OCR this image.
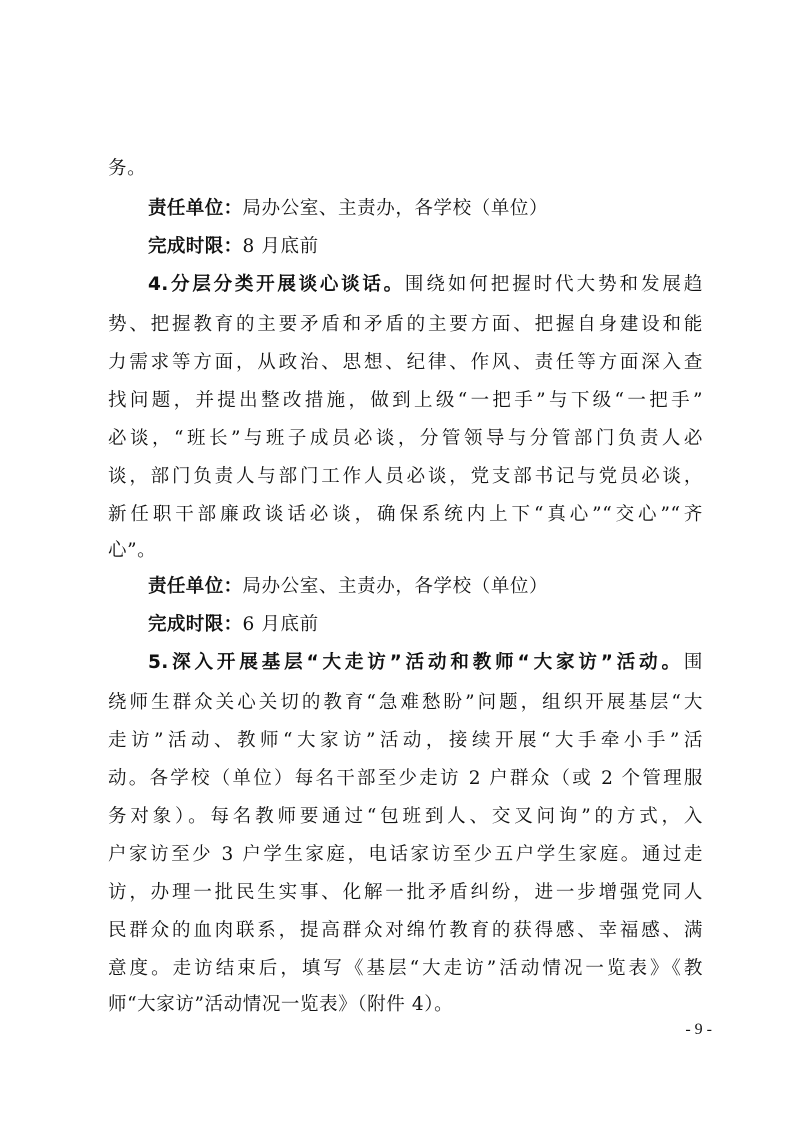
务。
责任单位：局办公室、主责办，各学校（单位）
完成时限：8 月底前
4.分层分类开展谈心谈话。围绕如何把握时代大势和发展趋
势、把握教育的主要矛盾和矛盾的主要方面、把握自身建设和能
力需求等方面，从政治、思想、纪律、作风、责任等方面深入查
找问题，并提出整改措施，做到上级“一把手”与下级“一把手”
必谈，“班长”与班子成员必谈，分管领导与分管部门负责人必
谈，部门负责人与部门工作人员必谈，党支部书记与党员必谈，
新任职干部廉政谈话必谈，确保系统内上下“真心”“交心”“齐
心”。
责任单位：局办公室、主责办，各学校（单位）
完成时限：6 月底前
5.深入开展基层“大走访”活动和教师“大家访”活动。围
绕师生群众关心关切的教育“急难愁盼”问题，组织开展基层“大
走访”活动、教师“大家访”活动，接续开展“大手牵小手”活
动。各学校（单位）每名干部至少走访 2 户群众（或 2 个管理服
务对象）。每名教师要通过“包班到人、交叉问询”的方式，入
户家访至少 3 户学生家庭，电话家访至少五户学生家庭。通过走
访，办理一批民生实事、化解一批矛盾纠纷，进一步增强党同人
民群众的血肉联系，提高群众对绵竹教育的获得感、幸福感、满
意度。走访结束后，填写《基层“大走访”活动情况一览表》《教
师“大家访”活动情况一览表》（附件 4）。
- 9 -
